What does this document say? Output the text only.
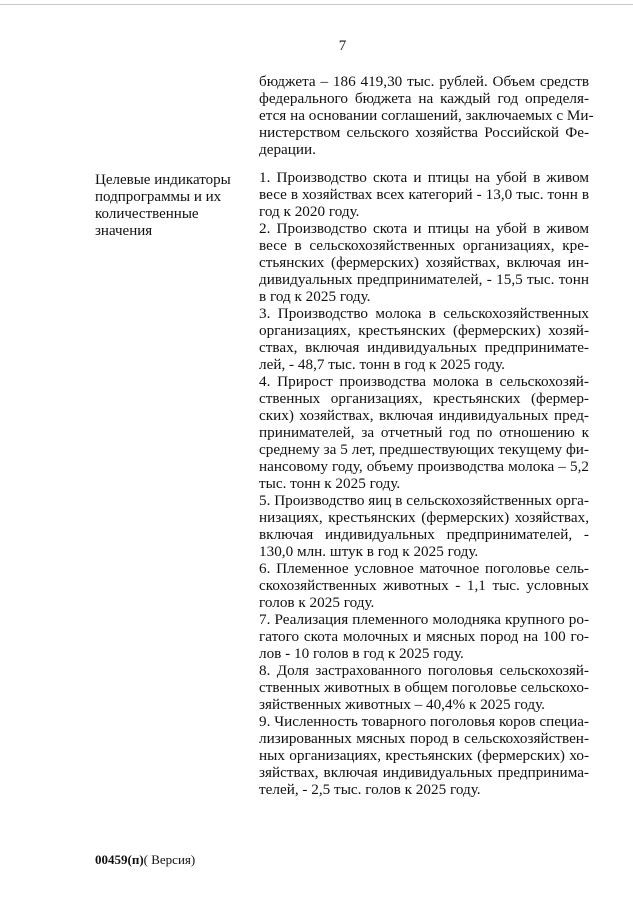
7
Целевые индикаторы
подпрограммы и их
количественные
значения
бюджета – 186 419,30 тыс. рублей. Объем средств
федерального бюджета на каждый год определя-
ется на основании соглашений, заключаемых с Ми-
нистерством сельского хозяйства Российской Фе-
дерации.
1. Производство скота и птицы на убой в живом
весе в хозяйствах всех категорий - 13,0 тыс. тонн в
год к 2020 году.
2. Производство скота и птицы на убой в живом
весе в сельскохозяйственных организациях, кре-
стьянских (фермерских) хозяйствах, включая ин-
дивидуальных предпринимателей, - 15,5 тыс. тонн
в год к 2025 году.
3. Производство молока в сельскохозяйственных
организациях, крестьянских (фермерских) хозяй-
ствах, включая индивидуальных предпринимате-
лей, - 48,7 тыс. тонн в год к 2025 году.
4. Прирост производства молока в сельскохозяй-
ственных организациях, крестьянских (фермер-
ских) хозяйствах, включая индивидуальных пред-
принимателей, за отчетный год по отношению к
среднему за 5 лет, предшествующих текущему фи-
нансовому году, объему производства молока – 5,2
тыс. тонн к 2025 году.
5. Производство яиц в сельскохозяйственных орга-
низациях, крестьянских (фермерских) хозяйствах,
включая индивидуальных предпринимателей, -
130,0 млн. штук в год к 2025 году.
6. Племенное условное маточное поголовье сель-
скохозяйственных животных - 1,1 тыс. условных
голов к 2025 году.
7. Реализация племенного молодняка крупного ро-
гатого скота молочных и мясных пород на 100 го-
лов - 10 голов в год к 2025 году.
8. Доля застрахованного поголовья сельскохозяй-
ственных животных в общем поголовье сельскохо-
зяйственных животных – 40,4% к 2025 году.
9. Численность товарного поголовья коров специа-
лизированных мясных пород в сельскохозяйствен-
ных организациях, крестьянских (фермерских) хо-
зяйствах, включая индивидуальных предпринима-
телей, - 2,5 тыс. голов к 2025 году.
00459(п)( Версия)
